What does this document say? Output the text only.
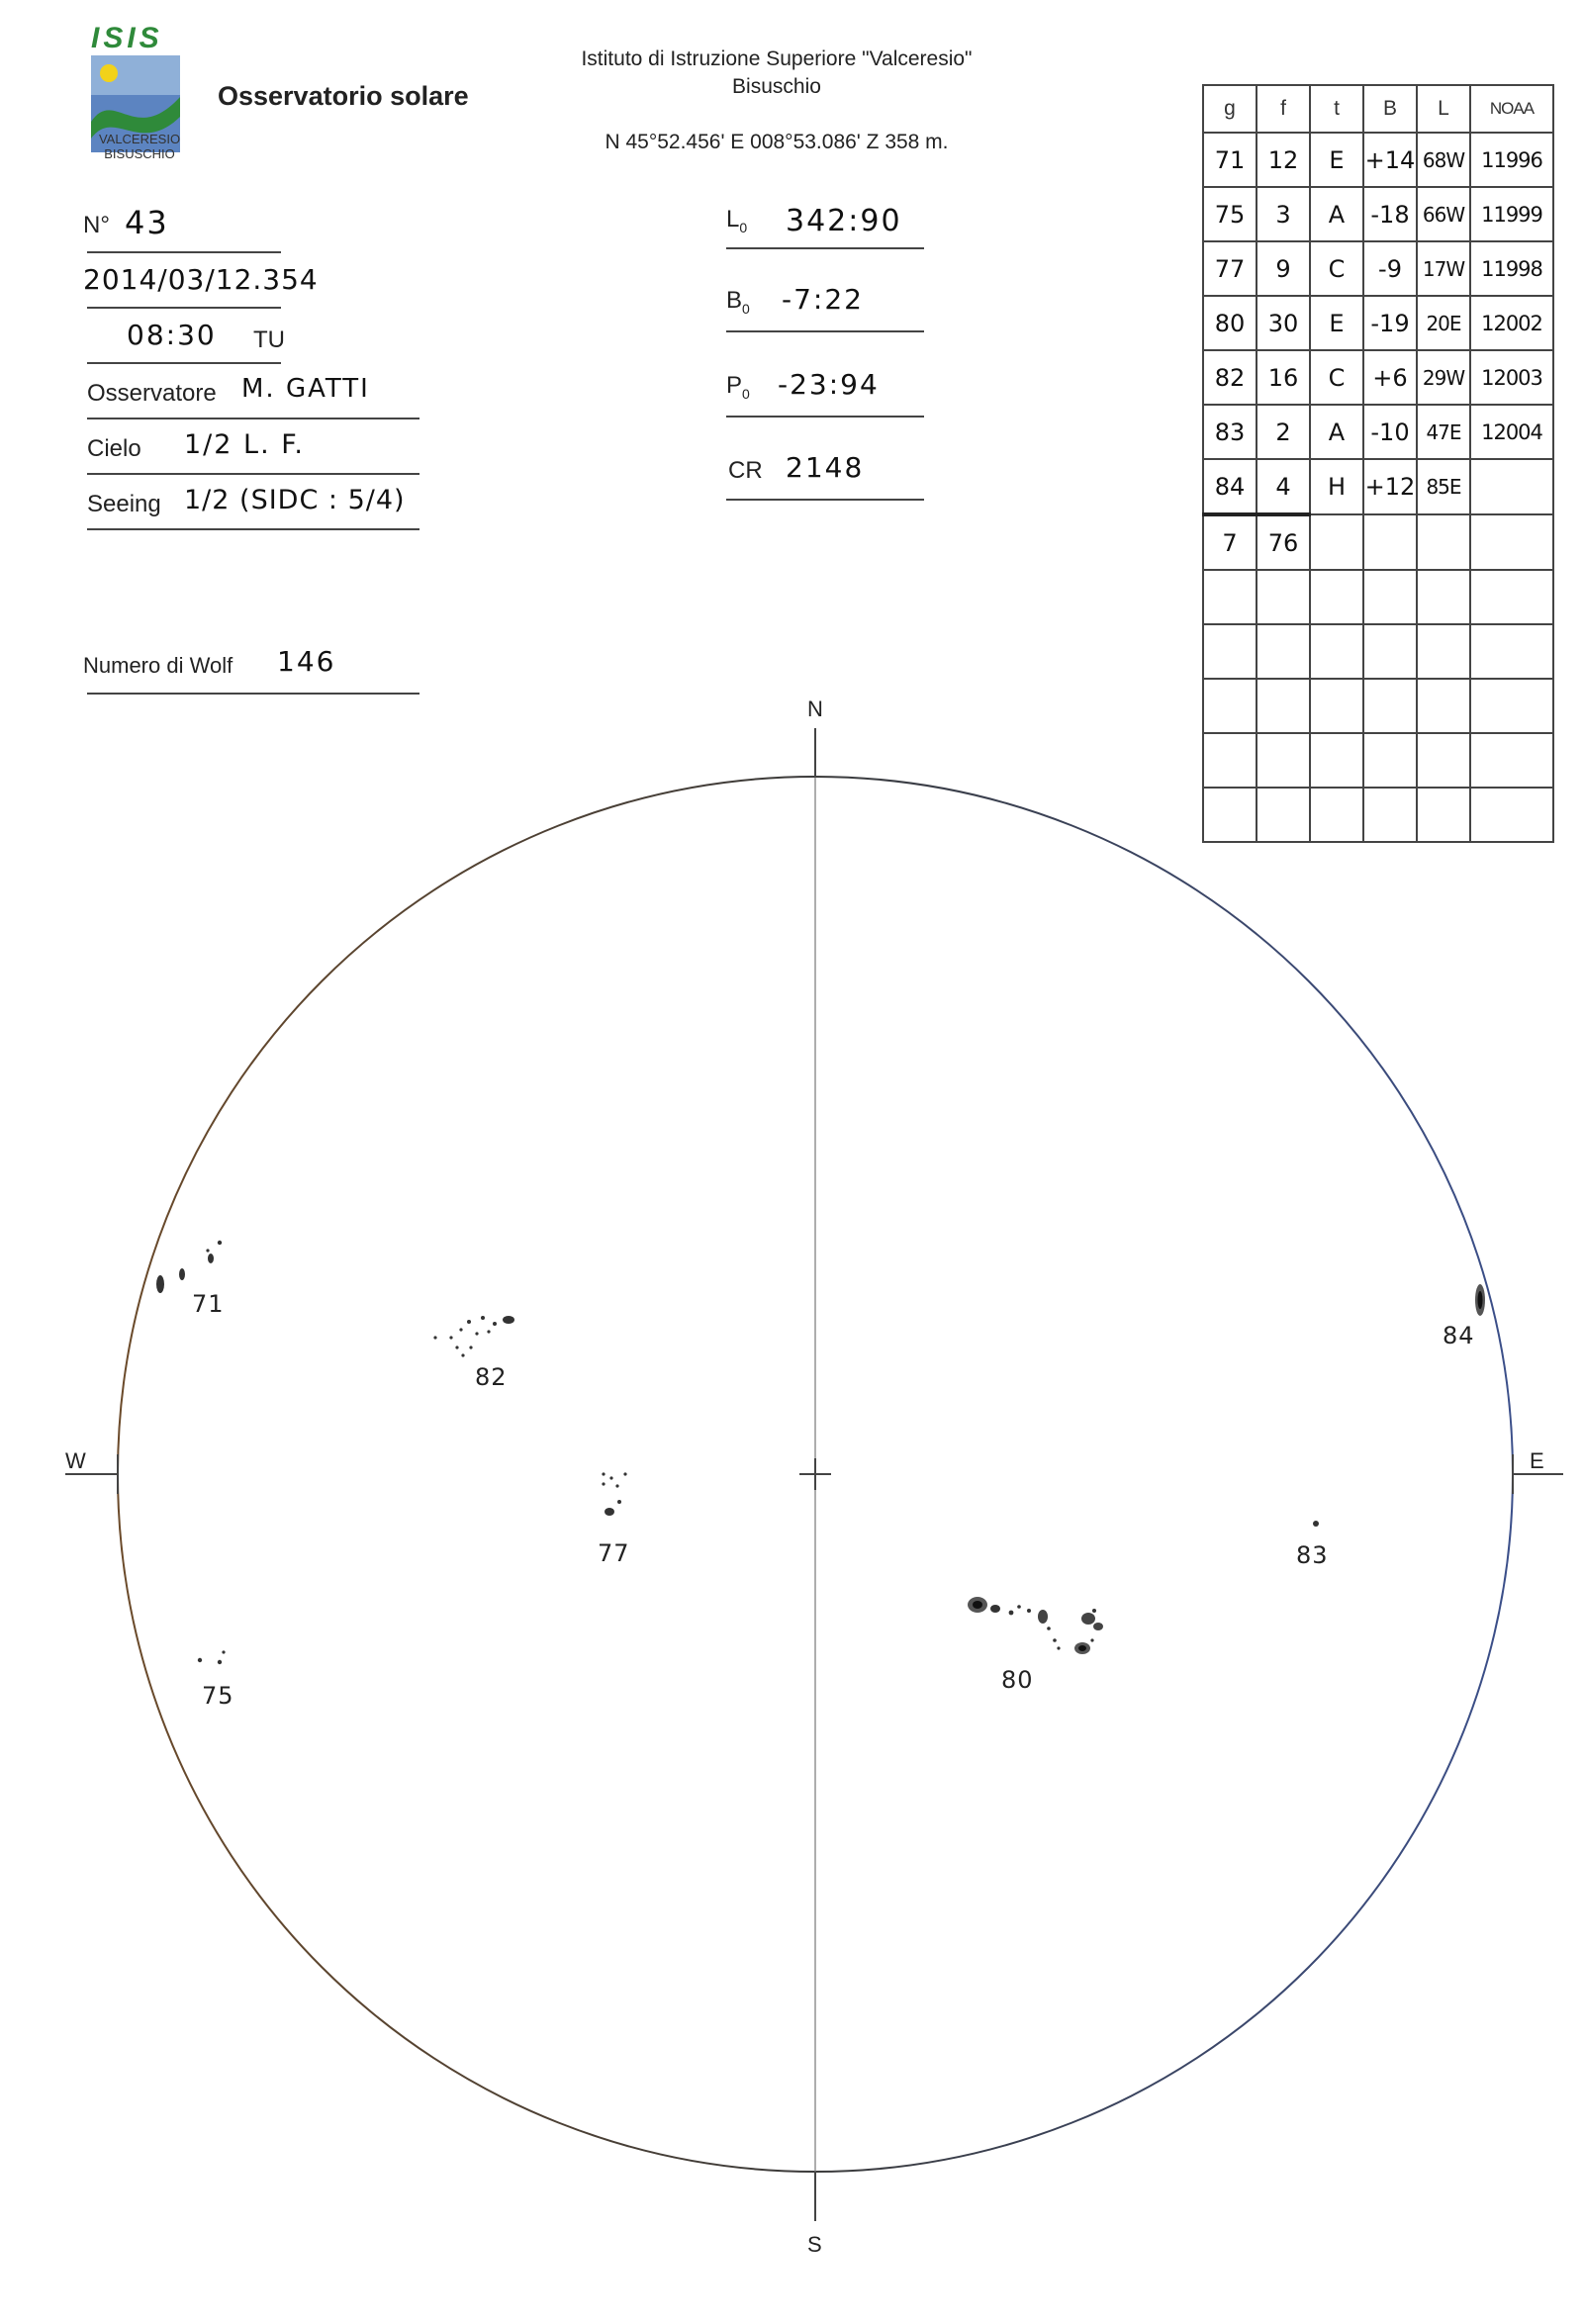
ISIS
VALCERESIO
BISUSCHIO
Osservatorio solare
Istituto di Istruzione Superiore "Valceresio"
Bisuschio
N 45°52.456' E 008°53.086' Z 358 m.
N° 43
2014/03/12.354
08:30 TU
Osservatore M. GATTI
Cielo 1/2 L. F.
Seeing 1/2 (SIDC : 5/4)
Numero di Wolf 146
$L_0$ 342:90
$B_0$ -7:22
$P_0$ -23:94
CR 2148
g	f	t	B	L	NOAA
71	12	E	+14	68W	11996
75	3	A	-18	66W	11999
77	9	C	-9	17W	11998
80	30	E	-19	20E	12002
82	16	C	+6	29W	12003
83	2	A	-10	47E	12004
84	4	H	+12	85E	
7	76				

N
S
W	E
71
82
77
75
80
83
84
